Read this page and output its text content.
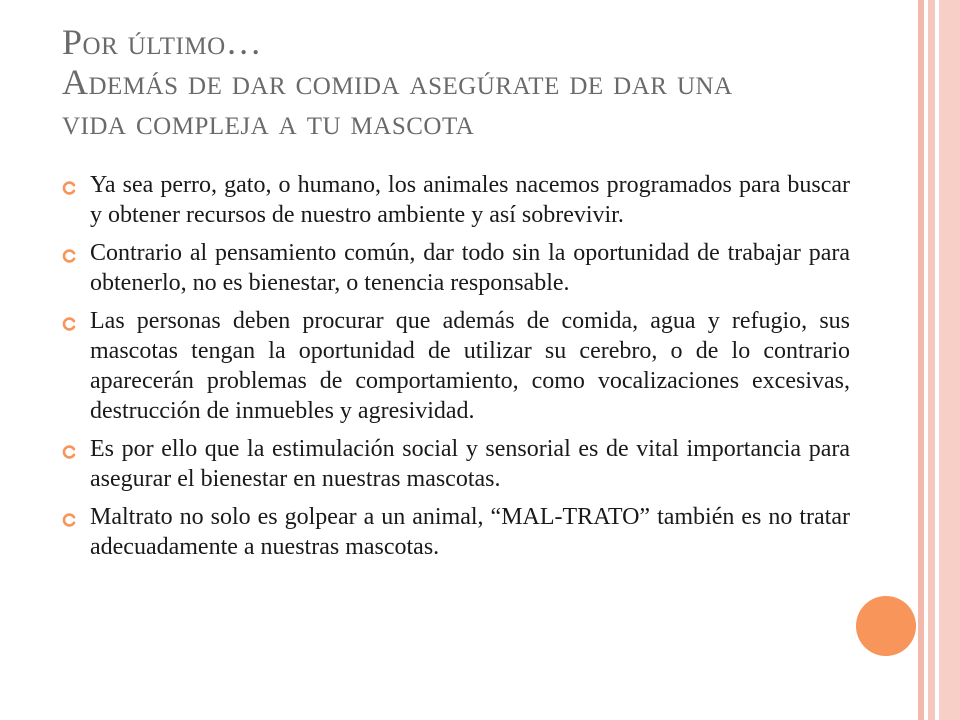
Por último…
Además de dar comida asegúrate de dar una
vida compleja a tu mascota
Ya sea perro, gato, o humano, los animales nacemos programados para buscar y obtener recursos de nuestro ambiente y así sobrevivir.
Contrario al pensamiento común, dar todo sin la oportunidad de trabajar para obtenerlo, no es bienestar, o tenencia responsable.
Las personas deben procurar que además de comida, agua y refugio, sus mascotas tengan la oportunidad de utilizar su cerebro, o de lo contrario aparecerán problemas de comportamiento, como vocalizaciones excesivas, destrucción de inmuebles y agresividad.
Es por ello que la estimulación social y sensorial es de vital importancia para asegurar el bienestar en nuestras mascotas.
Maltrato no solo es golpear a un animal, “MAL-TRATO” también es no tratar adecuadamente a nuestras mascotas.
